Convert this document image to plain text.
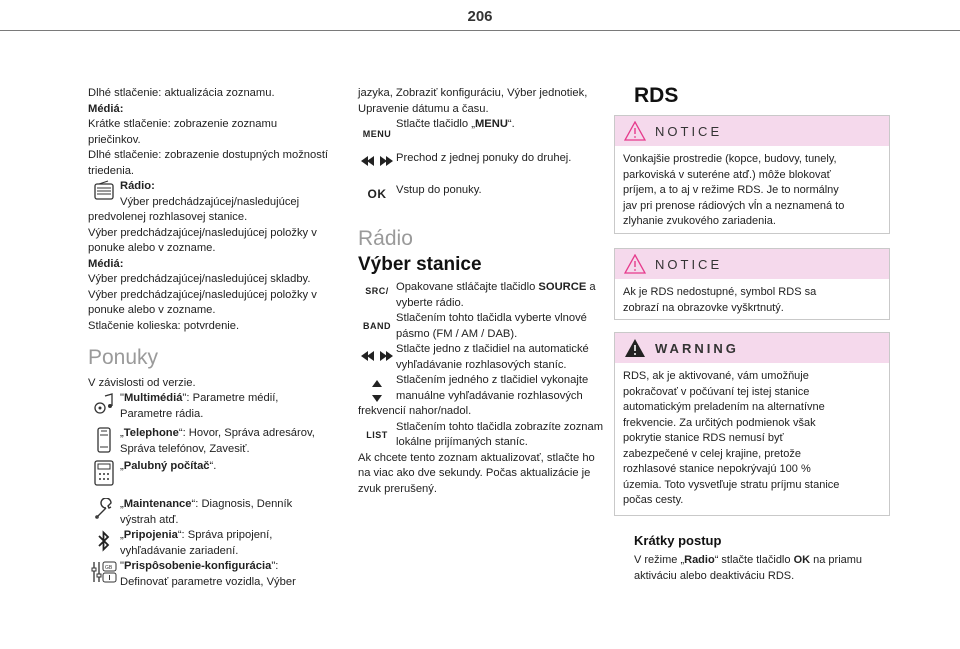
206

Dlhé stlačenie: aktualizácia zoznamu.

Médiá:

Krátke stlačenie: zobrazenie zoznamu

priečinkov.

Dlhé stlačenie: zobrazenie dostupných možností

triedenia.

Rádio:

Výber predchádzajúcej/nasledujúcej

predvolenej rozhlasovej stanice.

Výber predchádzajúcej/nasledujúcej položky v

ponuke alebo v zozname.

Médiá:

Výber predchádzajúcej/nasledujúcej skladby.

Výber predchádzajúcej/nasledujúcej položky v

ponuke alebo v zozname.

Stlačenie kolieska: potvrdenie.

Ponuky

V závislosti od verzie.

"Multimédiá": Parametre médií,

Parametre rádia.

„Telephone“: Hovor, Správa adresárov,

Správa telefónov, Zavesiť.

„Palubný počítač“.

„Maintenance“: Diagnosis, Denník

výstrah atď.

„Pripojenia“: Správa pripojení,

vyhľadávanie zariadení.

GB "Prispôsobenie-konfigurácia":

Definovať parametre vozidla, Výber

jazyka, Zobraziť konfiguráciu, Výber jednotiek,

Upravenie dátumu a času.

MENU

Stlačte tlačidlo „MENU“.

Prechod z jednej ponuky do druhej.

OK Vstup do ponuky.

Rádio

Výber stanice

SRC / Opakovane stláčajte tlačidlo SOURCE a

vyberte rádio.

BAND

Stlačením tohto tlačidla vyberte vlnové

pásmo (FM / AM / DAB).

Stlačte jedno z tlačidiel na automatické

vyhľadávanie rozhlasových staníc.

Stlačením jedného z tlačidiel vykonajte

manuálne vyhľadávanie rozhlasových

frekvencií nahor/nadol.

LIST

Stlačením tohto tlačidla zobrazíte zoznam

lokálne prijímaných staníc.

Ak chcete tento zoznam aktualizovať, stlačte ho

na viac ako dve sekundy. Počas aktualizácie je

zvuk prerušený.

RDS

NOTICE
Vonkajšie prostredie (kopce, budovy, tunely,
parkoviská v suteréne atď.) môže blokovať
príjem, a to aj v režime RDS. Je to normálny
jav pri prenose rádiových vĺn a neznamená to
zlyhanie zvukového zariadenia.
NOTICE
Ak je RDS nedostupné, symbol RDS sa
zobrazí na obrazovke vyškrtnutý.
WARNING
RDS, ak je aktivované, vám umožňuje
pokračovať v počúvaní tej istej stanice
automatickým preladením na alternatívne
frekvencie. Za určitých podmienok však
pokrytie stanice RDS nemusí byť
zabezpečené v celej krajine, pretože
rozhlasové stanice nepokrývajú 100 %
územia. Toto vysvetľuje stratu príjmu stanice
počas cesty.

Krátky postup

V režime „Radio“ stlačte tlačidlo OK na priamu

aktiváciu alebo deaktiváciu RDS.
